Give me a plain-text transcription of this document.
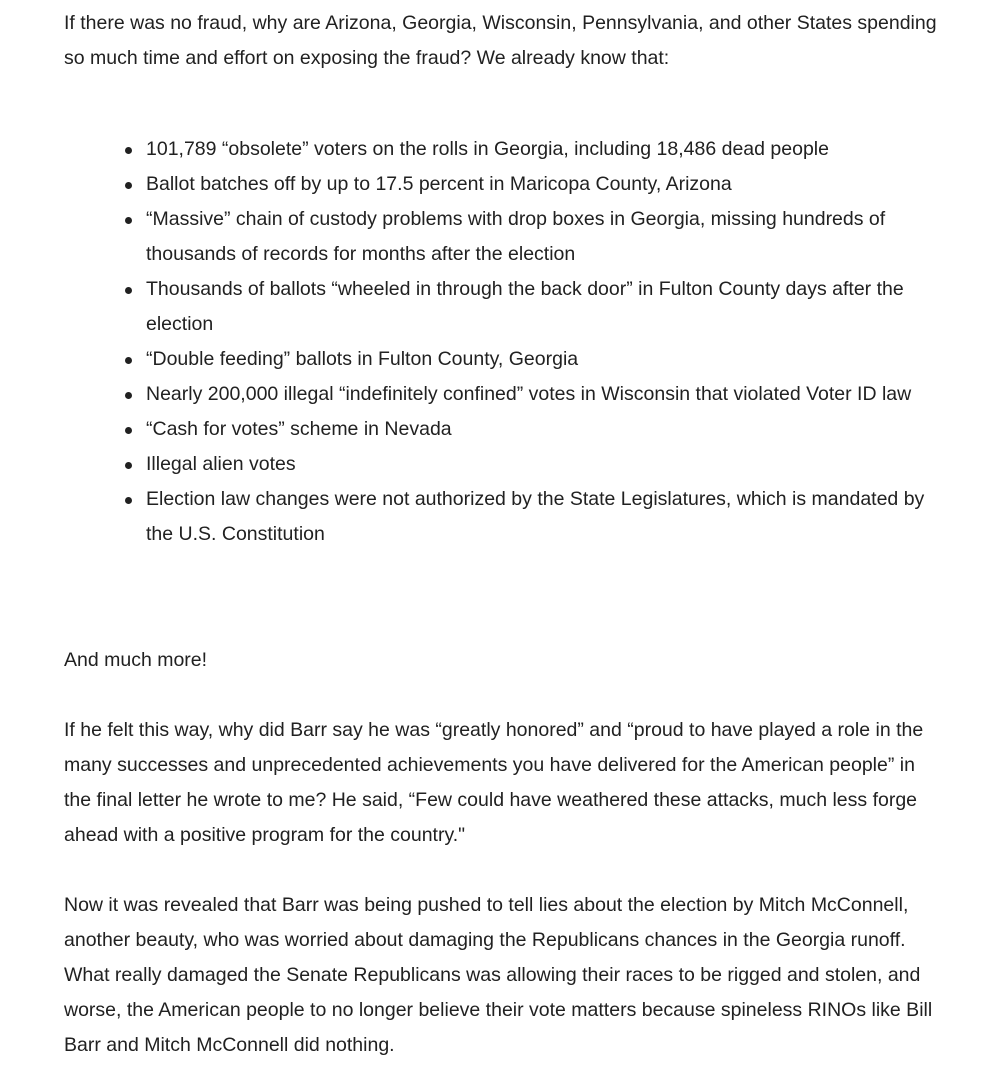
If there was no fraud, why are Arizona, Georgia, Wisconsin, Pennsylvania, and other States spending so much time and effort on exposing the fraud? We already know that:

101,789 “obsolete” voters on the rolls in Georgia, including 18,486 dead people
Ballot batches off by up to 17.5 percent in Maricopa County, Arizona
“Massive” chain of custody problems with drop boxes in Georgia, missing hundreds of thousands of records for months after the election
Thousands of ballots “wheeled in through the back door” in Fulton County days after the election
“Double feeding” ballots in Fulton County, Georgia
Nearly 200,000 illegal “indefinitely confined” votes in Wisconsin that violated Voter ID law
“Cash for votes” scheme in Nevada
Illegal alien votes
Election law changes were not authorized by the State Legislatures, which is mandated by the U.S. Constitution

And much more!

If he felt this way, why did Barr say he was “greatly honored” and “proud to have played a role in the many successes and unprecedented achievements you have delivered for the American people” in the final letter he wrote to me? He said, “Few could have weathered these attacks, much less forge ahead with a positive program for the country."

Now it was revealed that Barr was being pushed to tell lies about the election by Mitch McConnell, another beauty, who was worried about damaging the Republicans chances in the Georgia runoff. What really damaged the Senate Republicans was allowing their races to be rigged and stolen, and worse, the American people to no longer believe their vote matters because spineless RINOs like Bill Barr and Mitch McConnell did nothing.
